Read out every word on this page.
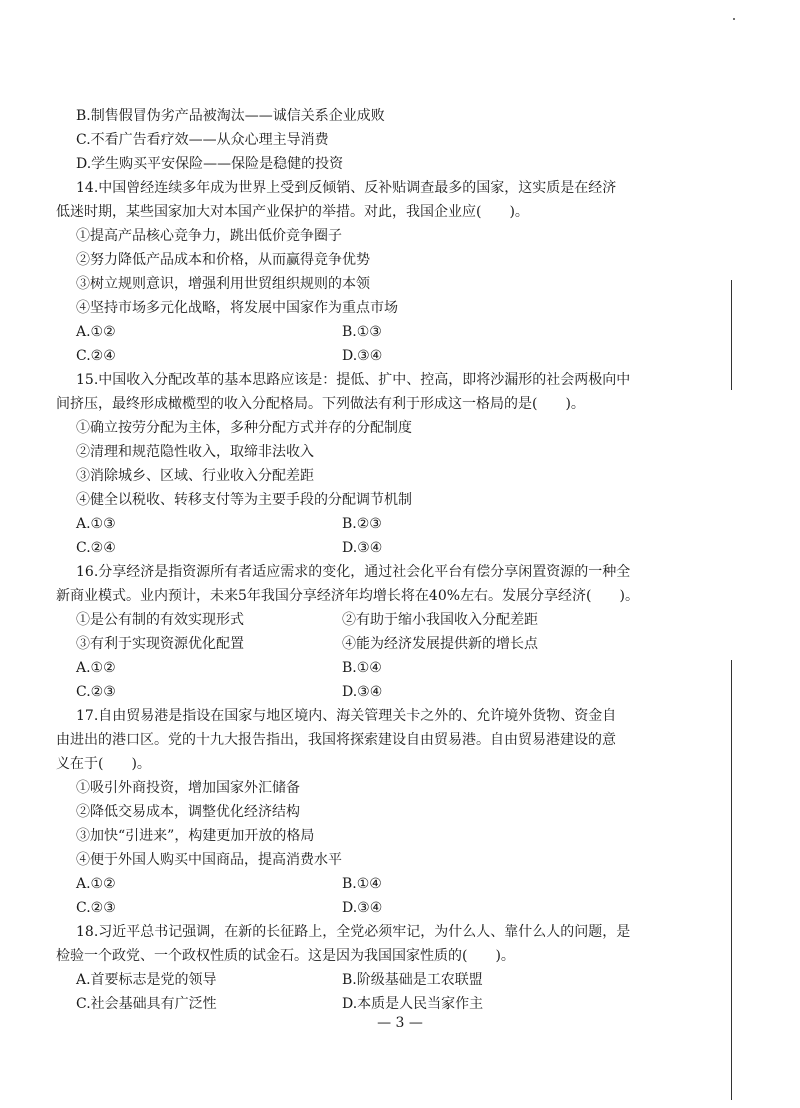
B.制售假冒伪劣产品被淘汰——诚信关系企业成败
C.不看广告看疗效——从众心理主导消费
D.学生购买平安保险——保险是稳健的投资
14.中国曾经连续多年成为世界上受到反倾销、反补贴调查最多的国家，这实质是在经济
低迷时期，某些国家加大对本国产业保护的举措。对此，我国企业应(　　)。
①提高产品核心竞争力，跳出低价竞争圈子
②努力降低产品成本和价格，从而赢得竞争优势
③树立规则意识，增强利用世贸组织规则的本领
④坚持市场多元化战略，将发展中国家作为重点市场
A.①②	B.①③
C.②④	D.③④
15.中国收入分配改革的基本思路应该是：提低、扩中、控高，即将沙漏形的社会两极向中
间挤压，最终形成橄榄型的收入分配格局。下列做法有利于形成这一格局的是(　　)。
①确立按劳分配为主体，多种分配方式并存的分配制度
②清理和规范隐性收入，取缔非法收入
③消除城乡、区域、行业收入分配差距
④健全以税收、转移支付等为主要手段的分配调节机制
A.①③	B.②③
C.②④	D.③④
16.分享经济是指资源所有者适应需求的变化，通过社会化平台有偿分享闲置资源的一种全
新商业模式。业内预计，未来5年我国分享经济年均增长将在40%左右。发展分享经济(　　)。
①是公有制的有效实现形式	②有助于缩小我国收入分配差距
③有利于实现资源优化配置	④能为经济发展提供新的增长点
A.①②	B.①④
C.②③	D.③④
17.自由贸易港是指设在国家与地区境内、海关管理关卡之外的、允许境外货物、资金自
由进出的港口区。党的十九大报告指出，我国将探索建设自由贸易港。自由贸易港建设的意
义在于(　　)。
①吸引外商投资，增加国家外汇储备
②降低交易成本，调整优化经济结构
③加快“引进来”，构建更加开放的格局
④便于外国人购买中国商品，提高消费水平
A.①②	B.①④
C.②③	D.③④
18.习近平总书记强调，在新的长征路上，全党必须牢记，为什么人、靠什么人的问题，是
检验一个政党、一个政权性质的试金石。这是因为我国国家性质的(　　)。
A.首要标志是党的领导	B.阶级基础是工农联盟
C.社会基础具有广泛性	D.本质是人民当家作主
— 3 —
